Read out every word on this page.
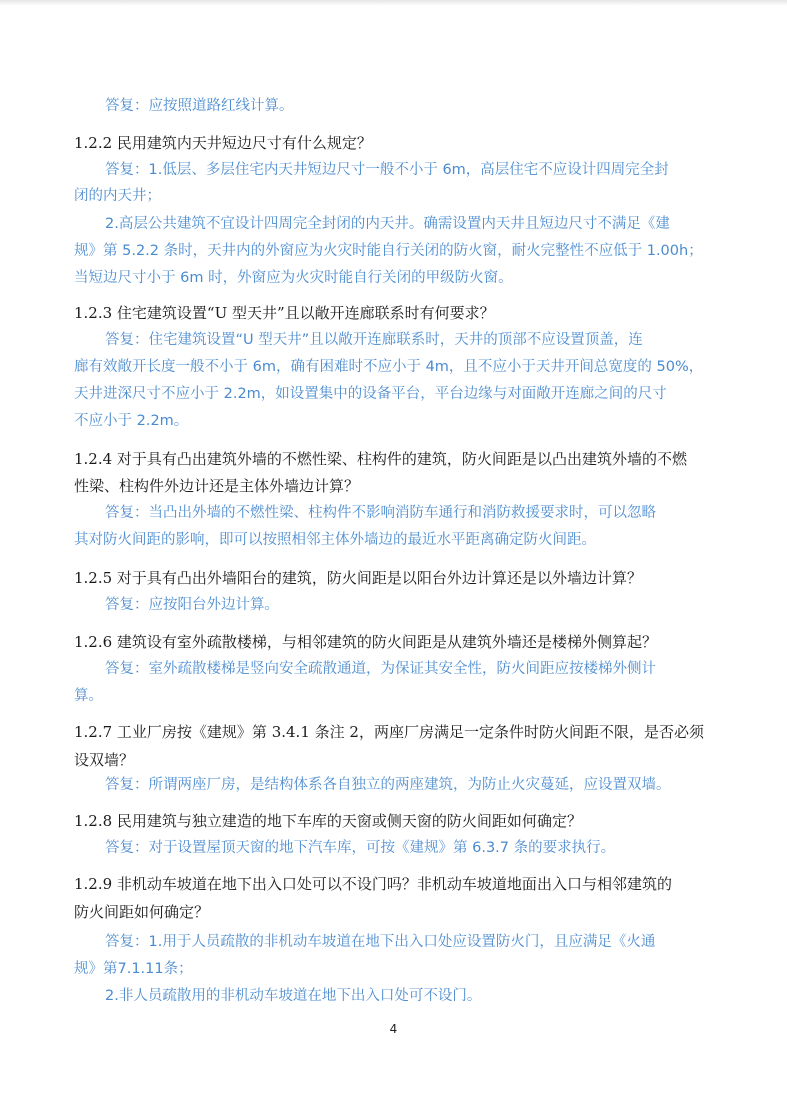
答复：应按照道路红线计算。
1.2.2 民用建筑内天井短边尺寸有什么规定？
答复：1.低层、多层住宅内天井短边尺寸一般不小于 6m，高层住宅不应设计四周完全封
闭的内天井；
2.高层公共建筑不宜设计四周完全封闭的内天井。确需设置内天井且短边尺寸不满足《建
规》第 5.2.2 条时，天井内的外窗应为火灾时能自行关闭的防火窗，耐火完整性不应低于 1.00h；
当短边尺寸小于 6m 时，外窗应为火灾时能自行关闭的甲级防火窗。
1.2.3 住宅建筑设置“U 型天井”且以敞开连廊联系时有何要求？
答复：住宅建筑设置“U 型天井”且以敞开连廊联系时，天井的顶部不应设置顶盖，连
廊有效敞开长度一般不小于 6m，确有困难时不应小于 4m，且不应小于天井开间总宽度的 50%，
天井进深尺寸不应小于 2.2m，如设置集中的设备平台，平台边缘与对面敞开连廊之间的尺寸
不应小于 2.2m。
1.2.4 对于具有凸出建筑外墙的不燃性梁、柱构件的建筑，防火间距是以凸出建筑外墙的不燃
性梁、柱构件外边计还是主体外墙边计算？
答复：当凸出外墙的不燃性梁、柱构件不影响消防车通行和消防救援要求时，可以忽略
其对防火间距的影响，即可以按照相邻主体外墙边的最近水平距离确定防火间距。
1.2.5 对于具有凸出外墙阳台的建筑，防火间距是以阳台外边计算还是以外墙边计算？
答复：应按阳台外边计算。
1.2.6 建筑设有室外疏散楼梯，与相邻建筑的防火间距是从建筑外墙还是楼梯外侧算起？
答复：室外疏散楼梯是竖向安全疏散通道，为保证其安全性，防火间距应按楼梯外侧计
算。
1.2.7 工业厂房按《建规》第 3.4.1 条注 2，两座厂房满足一定条件时防火间距不限，是否必须
设双墙？
答复：所谓两座厂房，是结构体系各自独立的两座建筑，为防止火灾蔓延，应设置双墙。
1.2.8 民用建筑与独立建造的地下车库的天窗或侧天窗的防火间距如何确定？
答复：对于设置屋顶天窗的地下汽车库，可按《建规》第 6.3.7 条的要求执行。
1.2.9 非机动车坡道在地下出入口处可以不设门吗？非机动车坡道地面出入口与相邻建筑的
防火间距如何确定？
答复：1.用于人员疏散的非机动车坡道在地下出入口处应设置防火门，且应满足《火通
规》第7.1.11条；
2.非人员疏散用的非机动车坡道在地下出入口处可不设门。
4
